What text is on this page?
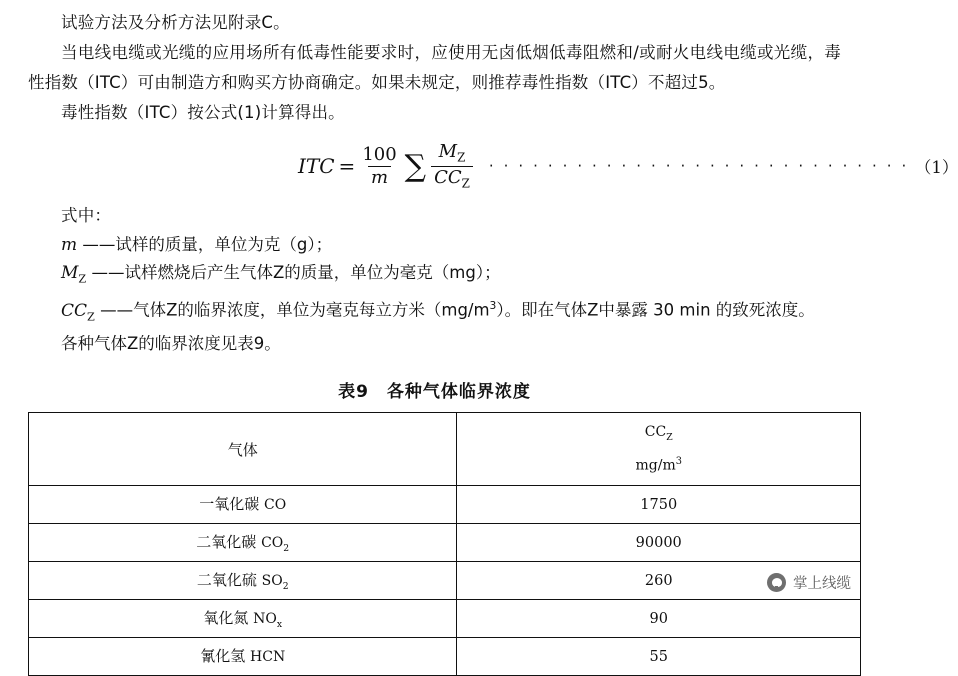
试验方法及分析方法见附录C。

当电线电缆或光缆的应用场所有低毒性能要求时，应使用无卤低烟低毒阻燃和/或耐火电线电缆或光缆，毒性指数（ITC）可由制造方和购买方协商确定。如果未规定，则推荐毒性指数（ITC）不超过5。

毒性指数（ITC）按公式(1)计算得出。

ITC = $\frac{100}{m}$ ∑ $\frac{M_Z}{CC_Z}$ · · · · · · · · · · · · · · · · · · · · · · · · · · · · · （1）
式中：
m ——试样的质量，单位为克（g）；
$M_Z$ ——试样燃烧后产生气体Z的质量，单位为毫克（mg）；
$CC_Z$ ——气体Z的临界浓度，单位为毫克每立方米$(mg/m^3)$。即在气体Z中暴露 30 min 的致死浓度。
各种气体Z的临界浓度见表9。
表9　各种气体临界浓度
气体	$CC_Z$
$mg/m^3$

一氧化碳 CO	1750
二氧化碳 $CO_2$	90000
二氧化硫 $SO_2$	260
氧化氮 $NO_x$	90
氰化氢 HCN	55
掌上线缆
